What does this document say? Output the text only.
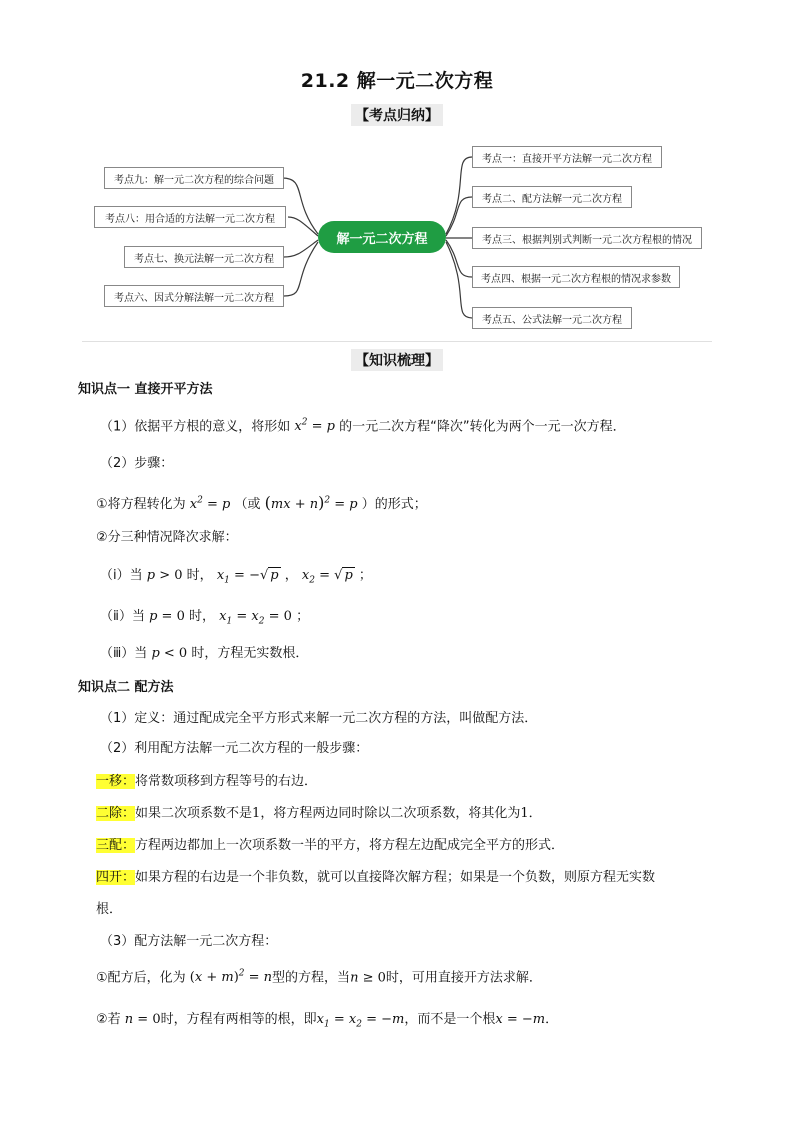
21.2 解一元二次方程
【考点归纳】
解一元二次方程
考点九：解一元二次方程的综合问题
考点八：用合适的方法解一元二次方程
考点七、换元法解一元二次方程
考点六、因式分解法解一元二次方程
考点一：直接开平方法解一元二次方程
考点二、配方法解一元二次方程
考点三、根据判别式判断一元二次方程根的情况
考点四、根据一元二次方程根的情况求参数
考点五、公式法解一元二次方程
【知识梳理】
知识点一 直接开平方法
（1）依据平方根的意义，将形如 $x^2 = p$ 的一元二次方程“降次”转化为两个一元一次方程．
（2）步骤：
①将方程转化为 $x^2 = p$ （或 (mx + n)$^2$ = p ）的形式；
②分三种情况降次求解：
（ⅰ）当 p > 0 时， $x_1$ = −√ p ， $x_2$ = √ p ；
（ⅱ）当 p = 0 时， $x_1 = x_2 = 0$ ；
（ⅲ）当 p < 0 时，方程无实数根．
知识点二 配方法
（1）定义：通过配成完全平方形式来解一元二次方程的方法，叫做配方法．
（2）利用配方法解一元二次方程的一般步骤：
一移：将常数项移到方程等号的右边．
二除：如果二次项系数不是1，将方程两边同时除以二次项系数，将其化为1．
三配：方程两边都加上一次项系数一半的平方，将方程左边配成完全平方的形式．
四开：如果方程的右边是一个非负数，就可以直接降次解方程；如果是一个负数，则原方程无实数
根．
（3）配方法解一元二次方程：
①配方后，化为 $(x + m)^2 = n$型的方程，当n ≥ 0时，可用直接开方法求解．
②若 n = 0时，方程有两相等的根，即$x_1 = x_2 = -m$，而不是一个根x = −m．
